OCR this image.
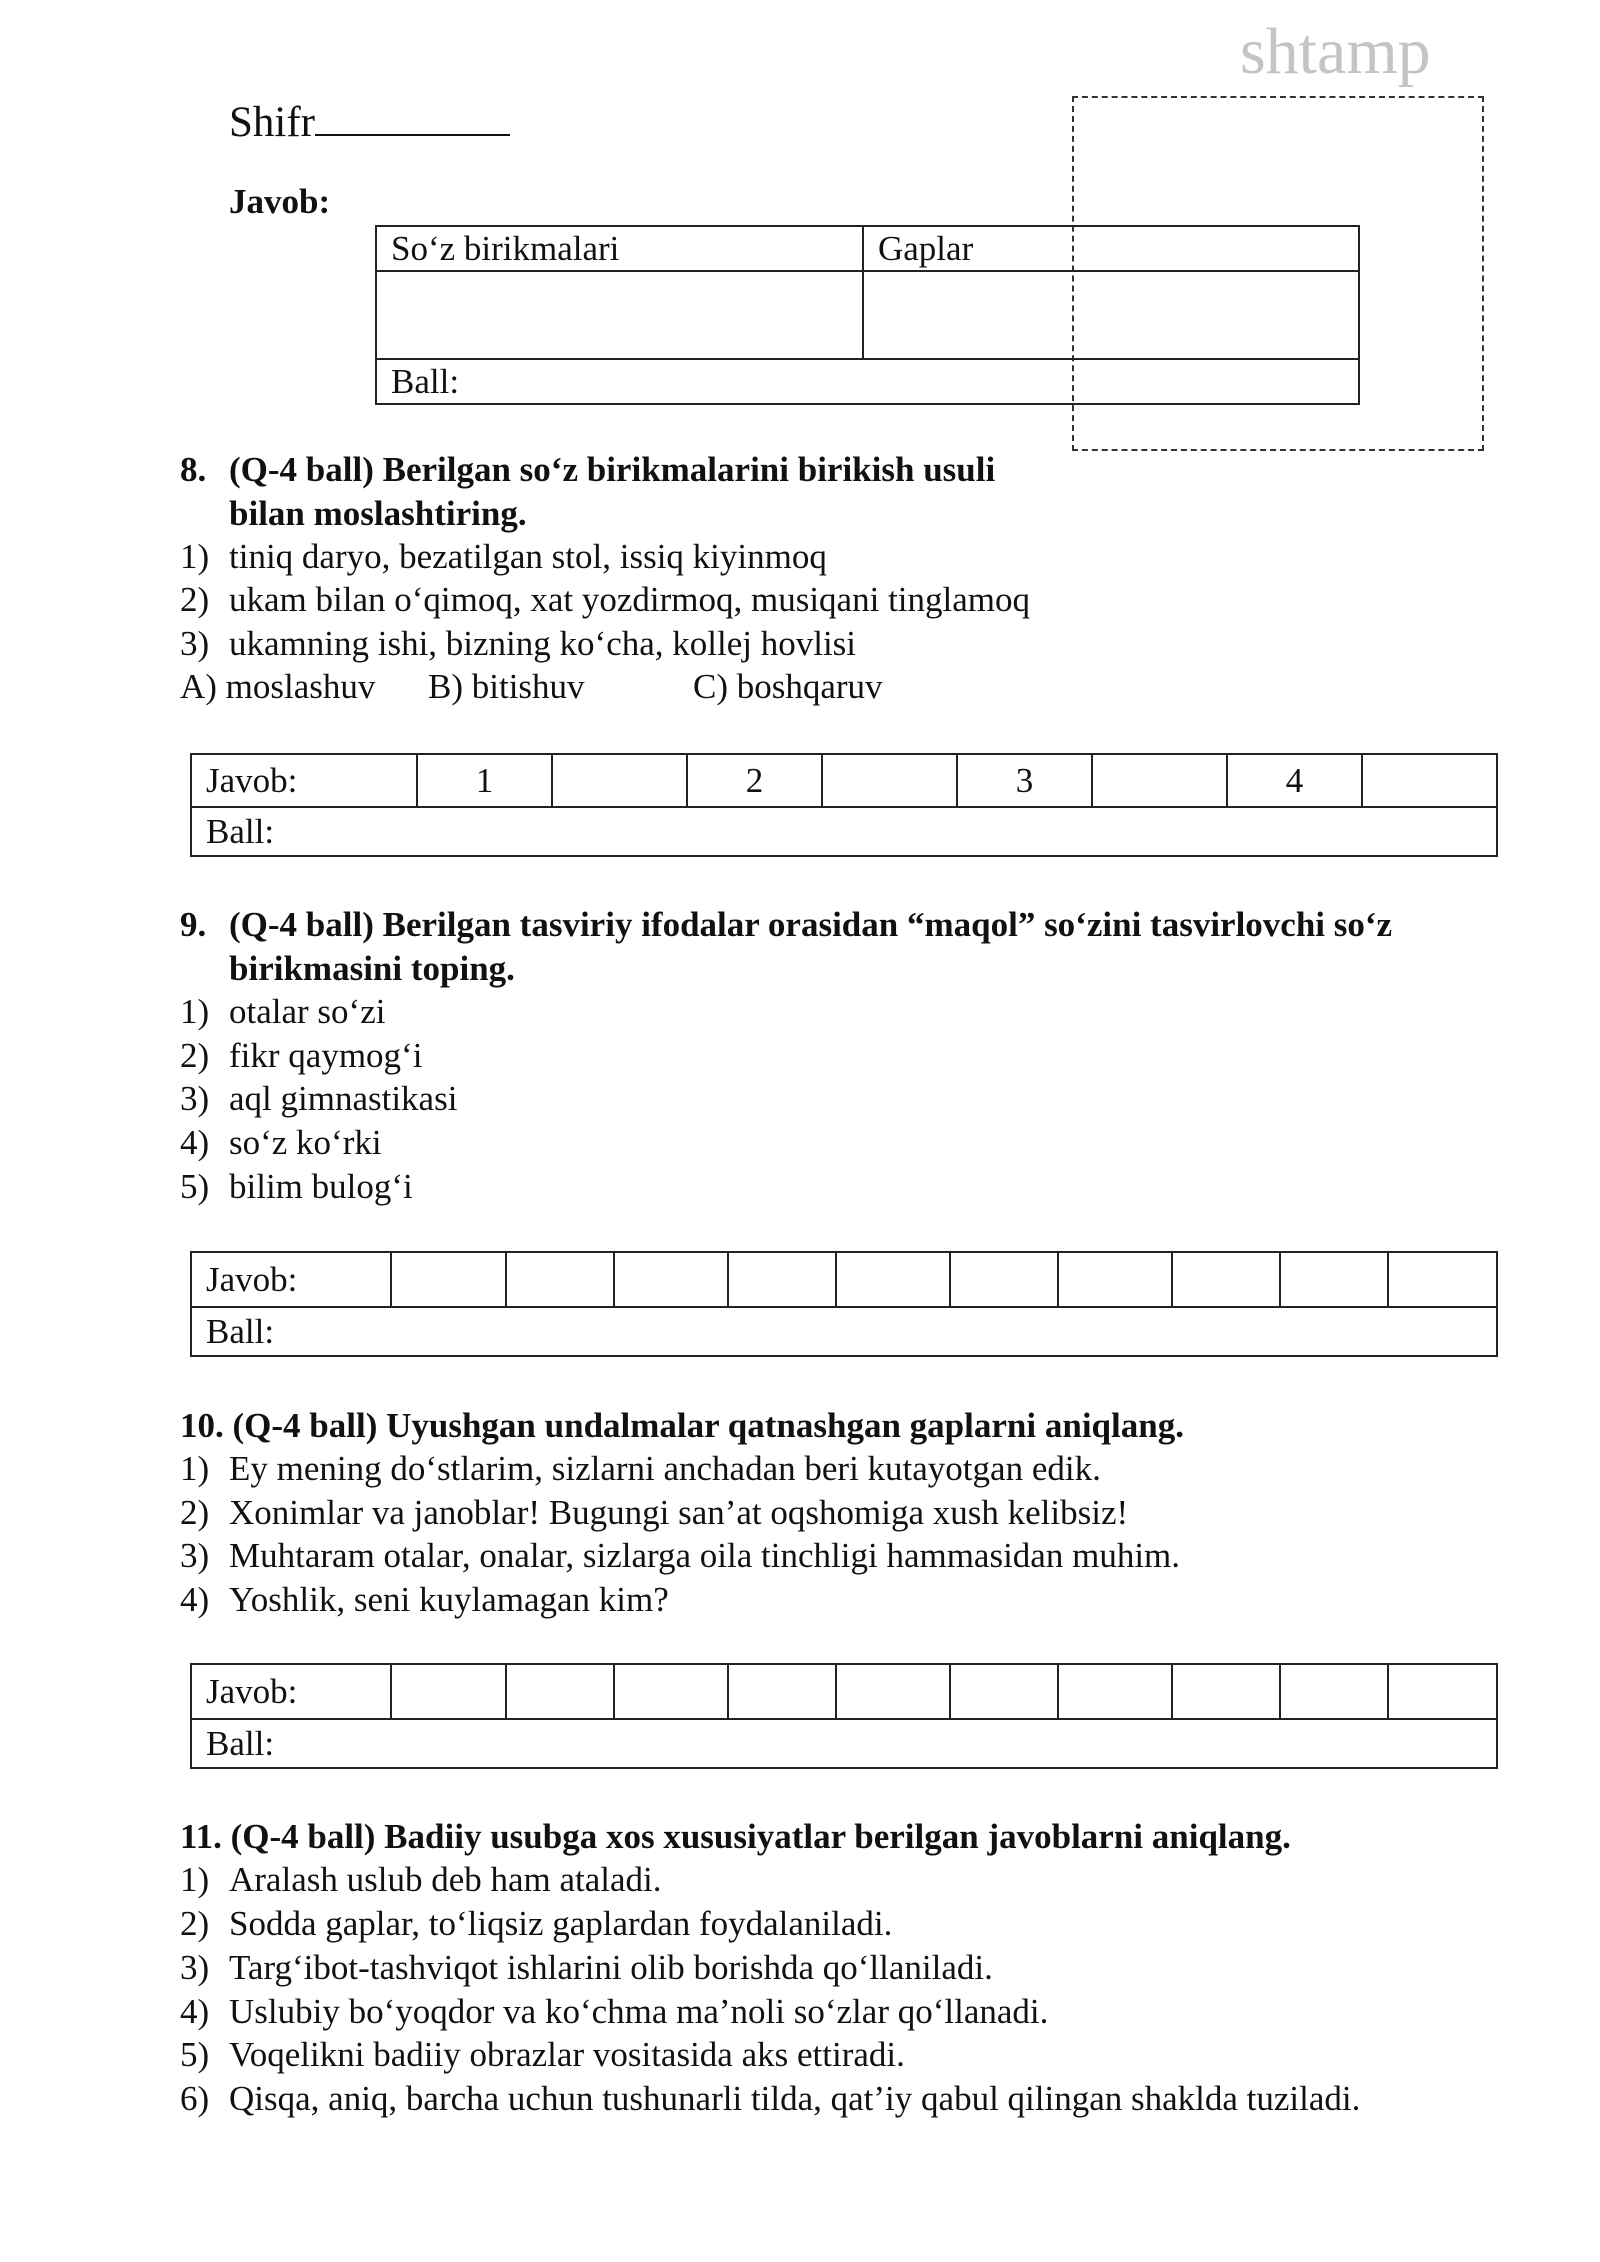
shtamp
Shifr
Javob:
So‘z birikmalari	Gaplar

Ball:	
8. (Q-4 ball) Berilgan so‘z birikmalarini birikish usuli bilan moslashtiring.
1) tiniq daryo, bezatilgan stol, issiq kiyinmoq
2) ukam bilan o‘qimoq, xat yozdirmoq, musiqani tinglamoq
3) ukamning ishi, bizning ko‘cha, kollej hovlisi
A) moslashuv B) bitishuv	C) boshqaruv
Javob:	1		2		3		4	
Ball:
9. (Q-4 ball) Berilgan tasviriy ifodalar orasidan “maqol” so‘zini tasvirlovchi so‘z birikmasini toping.
1) otalar so‘zi
2) fikr qaymog‘i
3) aql gimnastikasi
4) so‘z ko‘rki
5) bilim bulog‘i
Javob:										
Ball:
10. (Q-4 ball) Uyushgan undalmalar qatnashgan gaplarni aniqlang.
1) Ey mening do‘stlarim, sizlarni anchadan beri kutayotgan edik.
2) Xonimlar va janoblar! Bugungi san’at oqshomiga xush kelibsiz!
3) Muhtaram otalar, onalar, sizlarga oila tinchligi hammasidan muhim.
4) Yoshlik, seni kuylamagan kim?
Javob:										
Ball:
11. (Q-4 ball) Badiiy usubga xos xususiyatlar berilgan javoblarni aniqlang.
1) Aralash uslub deb ham ataladi.
2) Sodda gaplar, to‘liqsiz gaplardan foydalaniladi.
3) Targ‘ibot-tashviqot ishlarini olib borishda qo‘llaniladi.
4) Uslubiy bo‘yoqdor va ko‘chma ma’noli so‘zlar qo‘llanadi.
5) Voqelikni badiiy obrazlar vositasida aks ettiradi.
6) Qisqa, aniq, barcha uchun tushunarli tilda, qat’iy qabul qilingan shaklda tuziladi.
